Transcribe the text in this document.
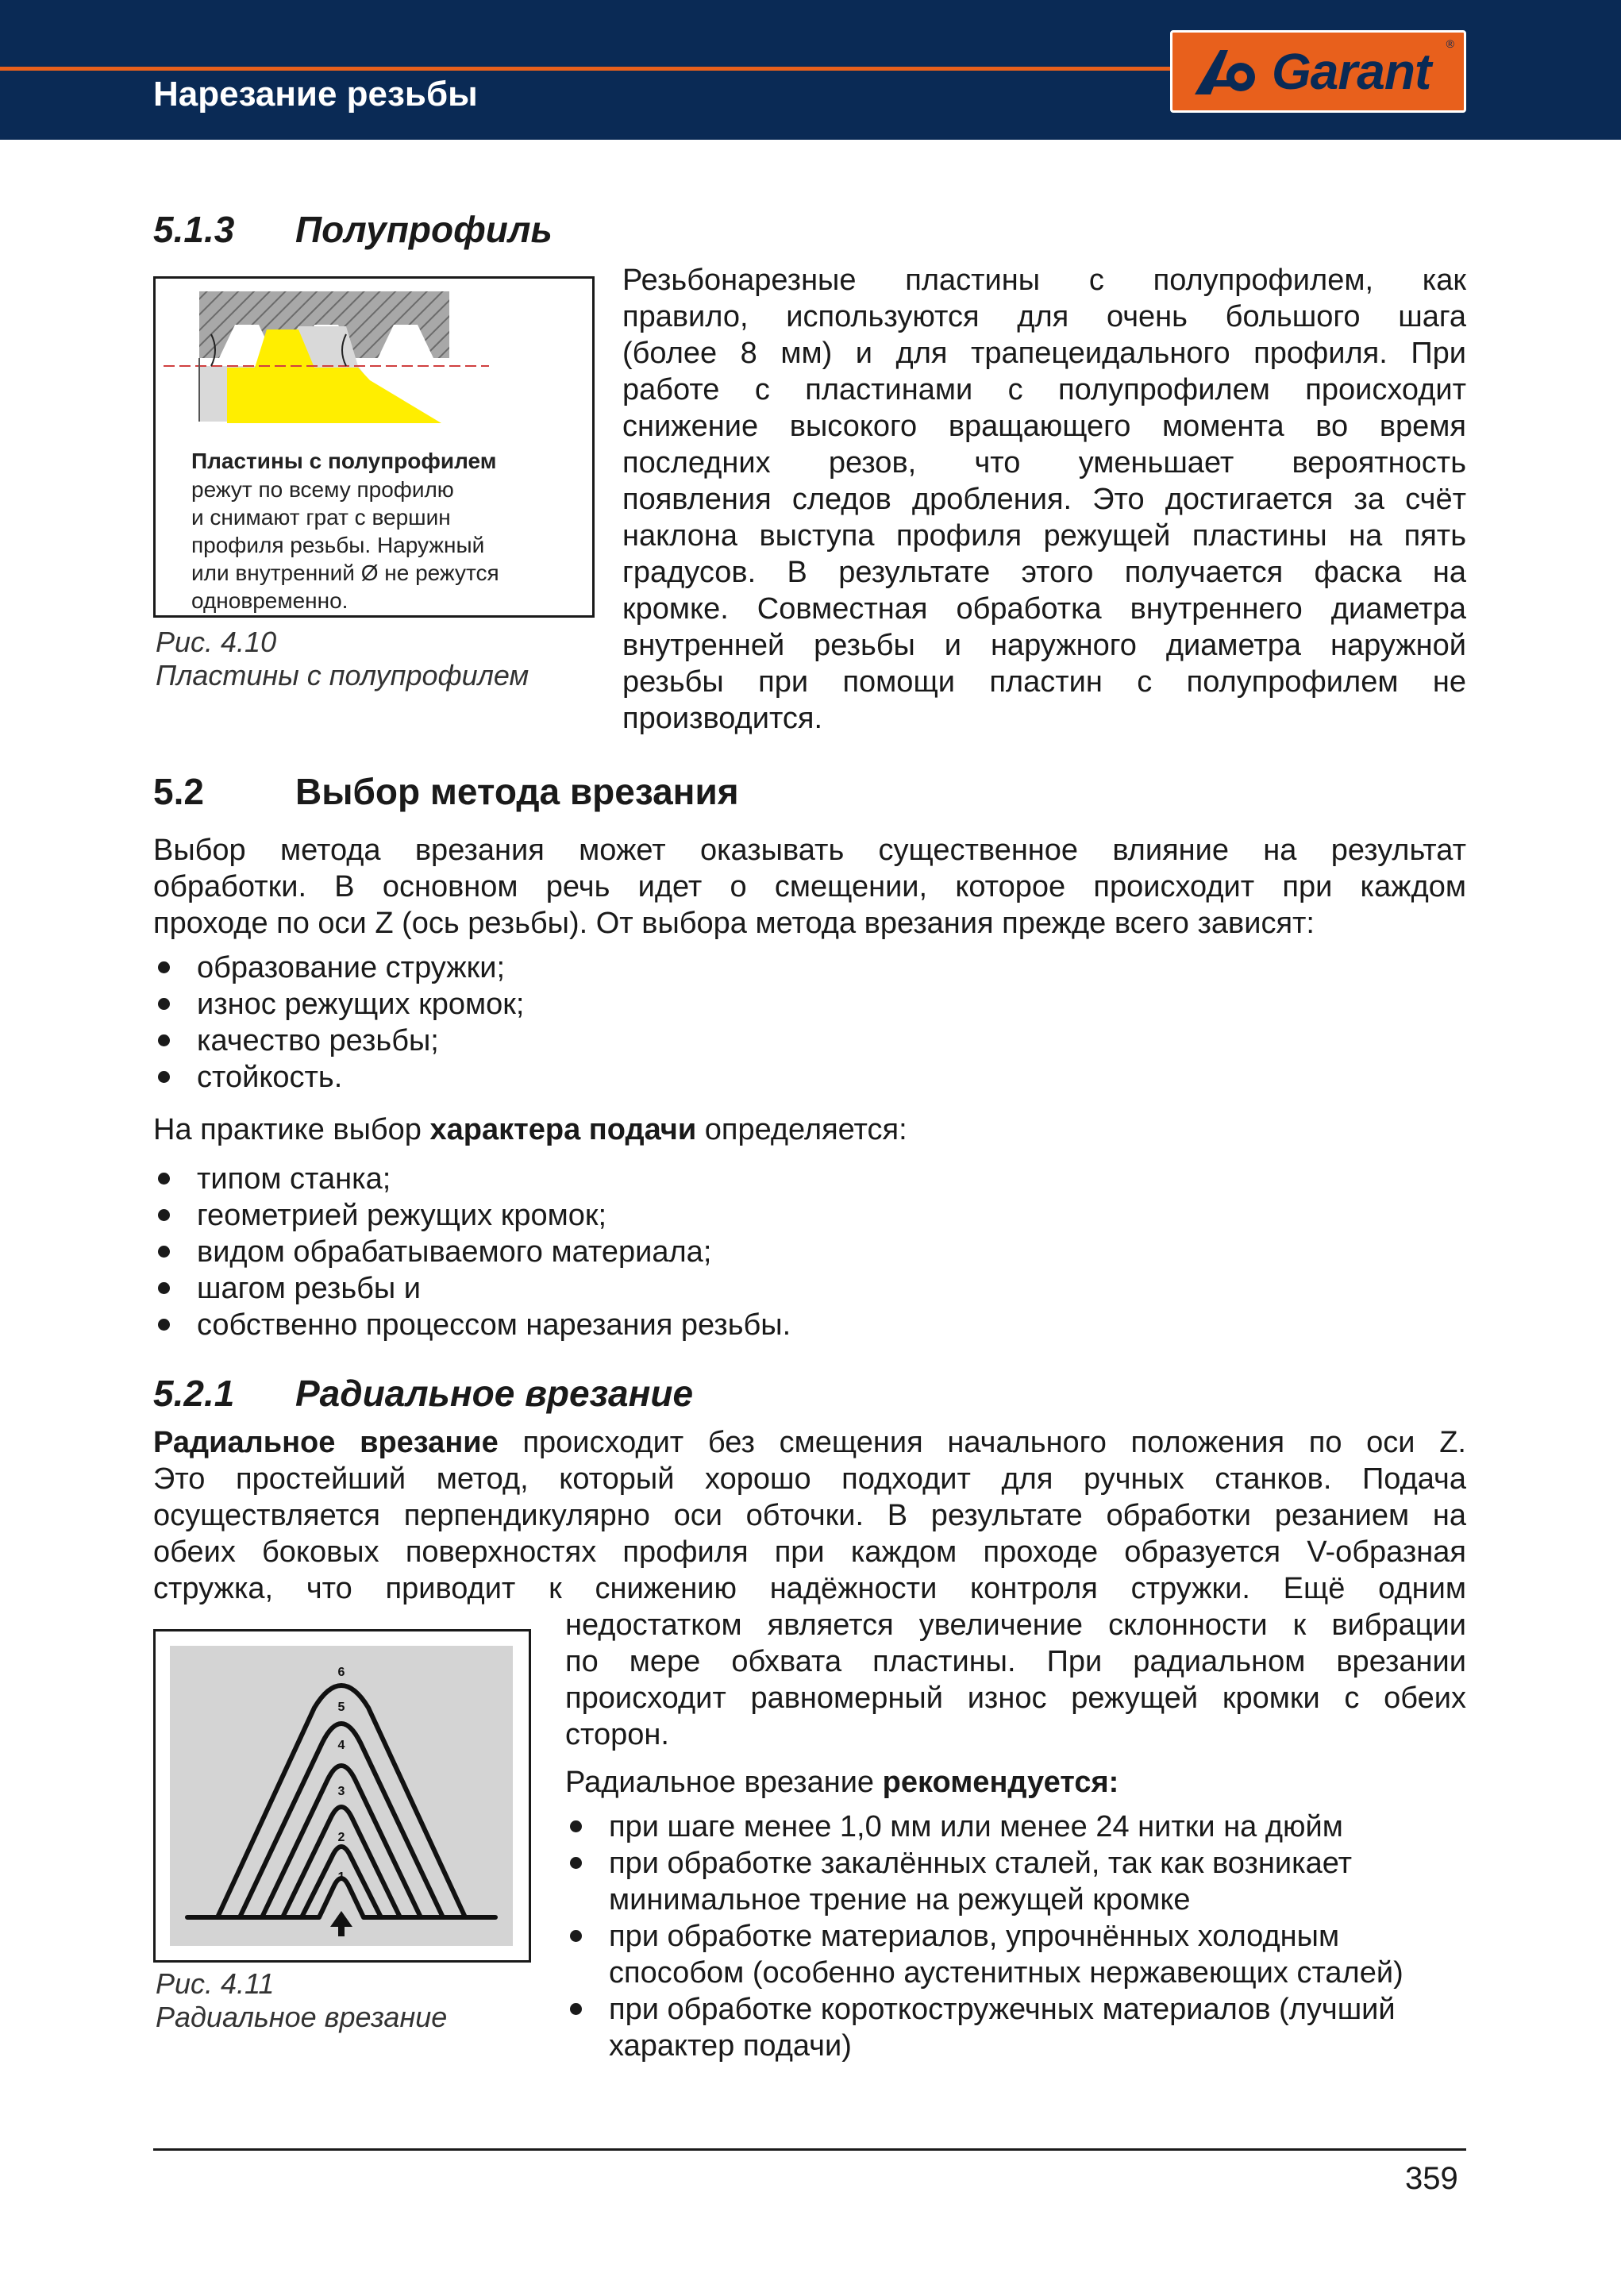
Нарезание резьбы	Garant ®
5.1.3 Полупрофиль
Пластины с полупрофилем
режут по всему профилю
и снимают грат с вершин
профиля резьбы. Наружный
или внутренний Ø не режутся
одновременно.
Рис. 4.10
Пластины с полупрофилем
Резьбонарезные пластины с полупрофилем, как
правило, используются для очень большого шага
(более 8 мм) и для трапецеидального профиля. При
работе с пластинами с полупрофилем происходит
снижение высокого вращающего момента во время
последних резов, что уменьшает вероятность
появления следов дробления. Это достигается за счёт
наклона выступа профиля режущей пластины на пять
градусов. В результате этого получается фаска на
кромке. Совместная обработка внутреннего диаметра
внутренней резьбы и наружного диаметра наружной
резьбы при помощи пластин с полупрофилем не
производится.
5.2	Выбор метода врезания
Выбор метода врезания может оказывать существенное влияние на результат
обработки. В основном речь идет о смещении, которое происходит при каждом
проходе по оси Z (ось резьбы). От выбора метода врезания прежде всего зависят:
образование стружки;
износ режущих кромок;
качество резьбы;
стойкость.
На практике выбор характера подачи определяется:
типом станка;
геометрией режущих кромок;
видом обрабатываемого материала;
шагом резьбы и
собственно процессом нарезания резьбы.
5.2.1 Радиальное врезание
Радиальное врезание происходит без смещения начального положения по оси Z.
Это простейший метод, который хорошо подходит для ручных станков. Подача
осуществляется перпендикулярно оси обточки. В результате обработки резанием на
обеих боковых поверхностях профиля при каждом проходе образуется V-образная
стружка, что приводит к снижению надёжности контроля стружки. Ещё одним
1
2
3
4
5
6
Рис. 4.11
Радиальное врезание
недостатком является увеличение склонности к вибрации
по мере обхвата пластины. При радиальном врезании
происходит равномерный износ режущей кромки с обеих
сторон.
Радиальное врезание рекомендуется:
при шаге менее 1,0 мм или менее 24 нитки на дюйм
при обработке закалённых сталей, так как возникает
минимальное трение на режущей кромке
при обработке материалов, упрочнённых холодным
способом (особенно аустенитных нержавеющих сталей)
при обработке короткостружечных материалов (лучший
характер подачи)
359
